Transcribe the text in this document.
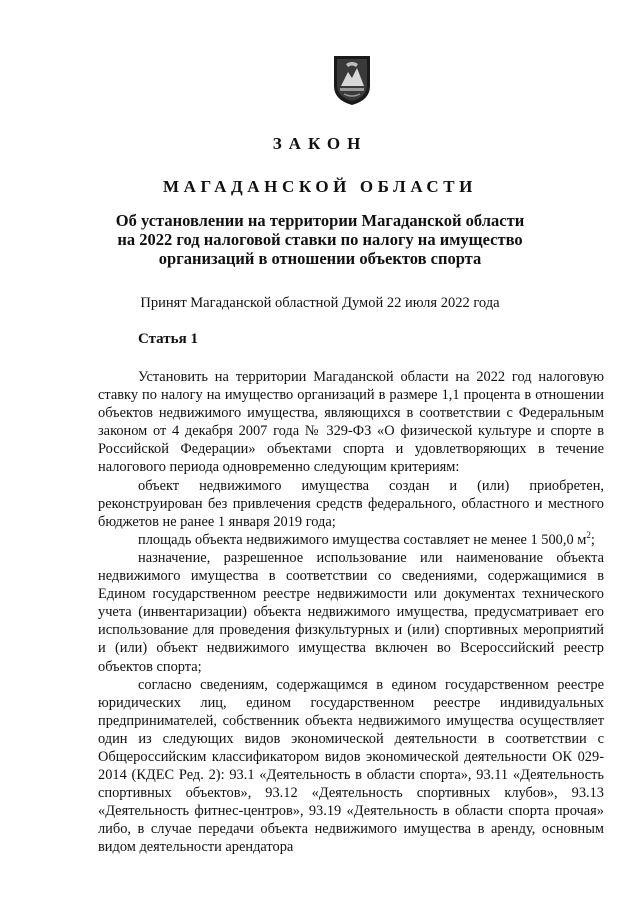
ЗАКОН
МАГАДАНСКОЙ ОБЛАСТИ
Об установлении на территории Магаданской области
на 2022 год налоговой ставки по налогу на имущество
организаций в отношении объектов спорта
Принят Магаданской областной Думой 22 июля 2022 года
Статья 1

Установить на территории Магаданской области на 2022 год налоговую ставку по налогу на имущество организаций в размере 1,1 процента в отношении объектов недвижимого имущества, являющихся в соответствии с Федеральным законом от 4 декабря 2007 года № 329-ФЗ «О физической культуре и спорте в Российской Федерации» объектами спорта и удовлетворяющих в течение налогового периода одновременно следующим критериям:

объект недвижимого имущества создан и (или) приобретен, реконструирован без привлечения средств федерального, областного и местного бюджетов не ранее 1 января 2019 года;

площадь объекта недвижимого имущества составляет не менее 1 500,0 $м^2$;

назначение, разрешенное использование или наименование объекта недвижимого имущества в соответствии со сведениями, содержащимися в Едином государственном реестре недвижимости или документах технического учета (инвентаризации) объекта недвижимого имущества, предусматривает его использование для проведения физкультурных и (или) спортивных мероприятий и (или) объект недвижимого имущества включен во Всероссийский реестр объектов спорта;

согласно сведениям, содержащимся в едином государственном реестре юридических лиц, едином государственном реестре индивидуальных предпринимателей, собственник объекта недвижимого имущества осуществляет один из следующих видов экономической деятельности в соответствии с Общероссийским классификатором видов экономической деятельности ОК 029-2014 (КДЕС Ред. 2): 93.1 «Деятельность в области спорта», 93.11 «Деятельность спортивных объектов», 93.12 «Деятельность спортивных клубов», 93.13 «Деятельность фитнес-центров», 93.19 «Деятельность в области спорта прочая» либо, в случае передачи объекта недвижимого имущества в аренду, основным видом деятельности арендатора
